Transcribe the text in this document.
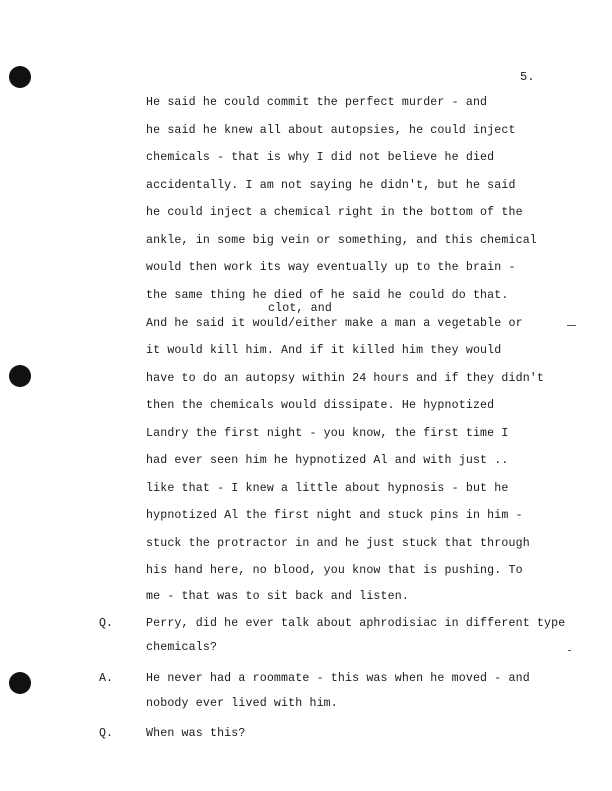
5.
He said he could commit the perfect murder - and
he said he knew all about autopsies, he could inject
chemicals - that is why I did not believe he died
accidentally. I am not saying he didn't, but he said
he could inject a chemical right in the bottom of the
ankle, in some big vein or something, and this chemical
would then work its way eventually up to the brain -
the same thing he died of he said he could do that.
clot, and
And he said it would/either make a man a vegetable or
it would kill him. And if it killed him they would
have to do an autopsy within 24 hours and if they didn't
then the chemicals would dissipate. He hypnotized
Landry the first night - you know, the first time I
had ever seen him he hypnotized Al and with just ..
like that - I knew a little about hypnosis - but he
hypnotized Al the first night and stuck pins in him -
stuck the protractor in and he just stuck that through
his hand here, no blood, you know that is pushing. To
me - that was to sit back and listen.
Q.	Perry, did he ever talk about aphrodisiac in different type
chemicals?
A.	He never had a roommate - this was when he moved - and
nobody ever lived with him.
Q.	When was this?
